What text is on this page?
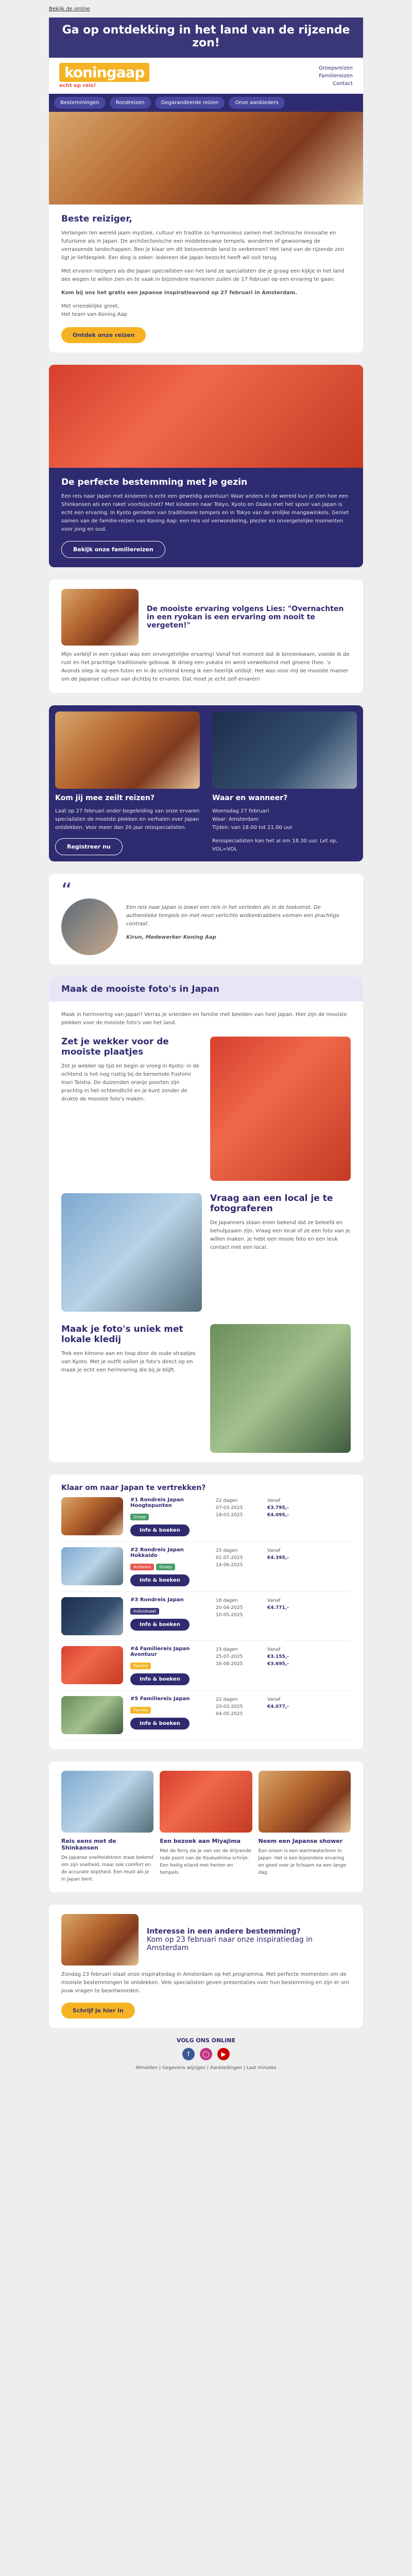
Bekijk de online
Ga op ontdekking in het land van de rijzende zon!
koningaap
echt op reis!
Groepsreizen
Familiereizen
Contact
Bestemmingen	Rondreizen	Gegarandeerde reizen	Onze aanbieders
Beste reiziger,

Verlangen ten wereld jaam mystiek, cultuur en traditie zo harmonieus samen met technische innovatie en futurisme als in Japan. De architectonische een middeleeuwse tempels, wonderen of gewoonweg de verrassende landschappen. Ben je klaar om dit betoverende land te verkennen? Het land van de rijzende zon ligt je liefdesplek. Een ding is zeker: iedereen die Japan bezocht heeft wil ooit terug.

Met ervaren reizigers als die Japan specialisten van het land ze specialisten die je graag een kijkje in het land des wegen te willen zien en te vaak in bijzondere manieren zullen de 17 februari op een ervaring te gaan.

Kom bij ons het gratis een Japanse inspiratieavond op 27 februari in Amsterdam.

Met vriendelijke groet,
Het team van Koning Aap

Ontdek onze reizen
De perfecte bestemming met je gezin

Een reis naar Japan met kinderen is echt een geweldig avontuur! Waar anders in de wereld kun je zien hoe een Shinkansen als een raket voorbijschiet? Met kinderen naar Tokyo, Kyoto en Osaka met het spoor van Japan is echt een ervaring. In Kyoto genieten van traditionele tempels en in Tokyo van de vrolijke mangawinkels. Geniet samen van de familie-reizen van Koning Aap: een reis vol verwondering, plezier en onvergetelijke momenten voor jong en oud.

Bekijk onze familiereizen
De mooiste ervaring volgens Lies: "Overnachten in een ryokan is een ervaring om nooit te vergeten!"

Mijn verblijf in een ryokan was een onvergetelijke ervaring! Vanaf het moment dat ik binnenkwam, voelde ik de rust en het prachtige traditionele gebouw. Ik droeg een yukata en werd verwelkomd met groene thee. 's Avonds sliep ik op een futon en in de ochtend kreeg ik een heerlijk ontbijt. Het was voor mij de mooiste manier om de Japanse cultuur van dichtbij te ervaren. Dat moet je echt zelf ervaren!

Kom jij mee zeilt reizen?

Laat op 27 februari onder begeleiding van onze ervaren specialisten de mooiste plekken en verhalen over Japan ontdekken. Voor meer dan 20 jaar reisspecialisten.

Registreer nu
Waar en wanneer?

Woensdag 27 februari
Waar: Amsterdam
Tijden: van 18.00 tot 21.00 uur

Reisspecialisten kan het al om 18.30 uur. Let op, VOL=VOL

“

Een reis naar Japan is zowel een reis in het verleden als in de toekomst. De authentieke tempels en met neon verlichte wolkenkrabbers vormen een prachtige contrast.

Kirun, Medewerker Koning Aap

Maak de mooiste foto's in Japan

Maak in herinnering van Japan? Verras je vrienden en familie met beelden van heel Japan. Hier zijn de mooiste plekken voor de mooiste foto's van het land.

Zet je wekker voor de mooiste plaatjes

Zet je wekker op tijd en begin al vroeg in Kyoto: in de ochtend is het nog rustig bij de beroemde Fushimi Inari Taisha. De duizenden oranje poorten zijn prachtig in het ochtendlicht en je kunt zonder de drukte de mooiste foto's maken.

Vraag aan een local je te fotograferen

De Japanners staan erom bekend dat ze beleefd en behulpzaam zijn. Vraag een local of ze een foto van je willen maken. Je hebt een mooie foto en een leuk contact met een local.

Maak je foto's uniek met lokale kledij

Trek een kimono aan en loop door de oude straatjes van Kyoto. Met je outfit vallen je foto's direct op en maak je echt een herinnering die bij je blijft.

Klaar om naar Japan te vertrekken?
#1 Rondreis Japan Hoogtepunten
Groep
Info & boeken
22 dagen
07-03-2025
18-03-2025
Vanaf
€3.795,-
€4.095,-
#2 Rondreis Japan Hokkaido
Actiereis Groep
Info & boeken
15 dagen
01-07-2025
14-06-2025
Vanaf
€4.395,-
#3 Rondreis Japan
Individueel
Info & boeken
18 dagen
20-04-2025
10-05-2025
Vanaf
€4.771,-
#4 Familiereis Japan Avontuur
Familie
Info & boeken
15 dagen
25-07-2025
16-08-2025
Vanaf
€3.155,-
€3.695,-
#5 Familiereis Japan
Familie
Info & boeken
22 dagen
20-03-2025
04-05-2025
Vanaf
€4.077,-
Reis eens met de Shinkansen

De Japanse snelheidstrein staat bekend om zijn snelheid, maar ook comfort en de accurate stiptheid. Een must als je in Japan bent.

Een bezoek aan Miyajima

Met de ferry zie je van ver de drijvende rode poort van de Itsukushima schrijn. Een heilig eiland met herten en tempels.

Neem een Japanse shower

Een onsen is een warmwaterbron in Japan. Het is een bijzondere ervaring en goed voor je lichaam na een lange dag.

Interesse in een andere bestemming?
Kom op 23 februari naar onze inspiratiedag in Amsterdam

Zondag 23 februari staat onze inspiratiedag in Amsterdam op het programma. Met perfecte momenten om de mooiste bestemmingen te ontdekken. Vele specialisten geven presentaties over hun bestemming en zijn er om jouw vragen te beantwoorden.

Schrijf je hier in
VOLG ONS ONLINE
f	◯	▶
Afmelden | Gegevens wijzigen | Aanbiedingen | Last minutes
